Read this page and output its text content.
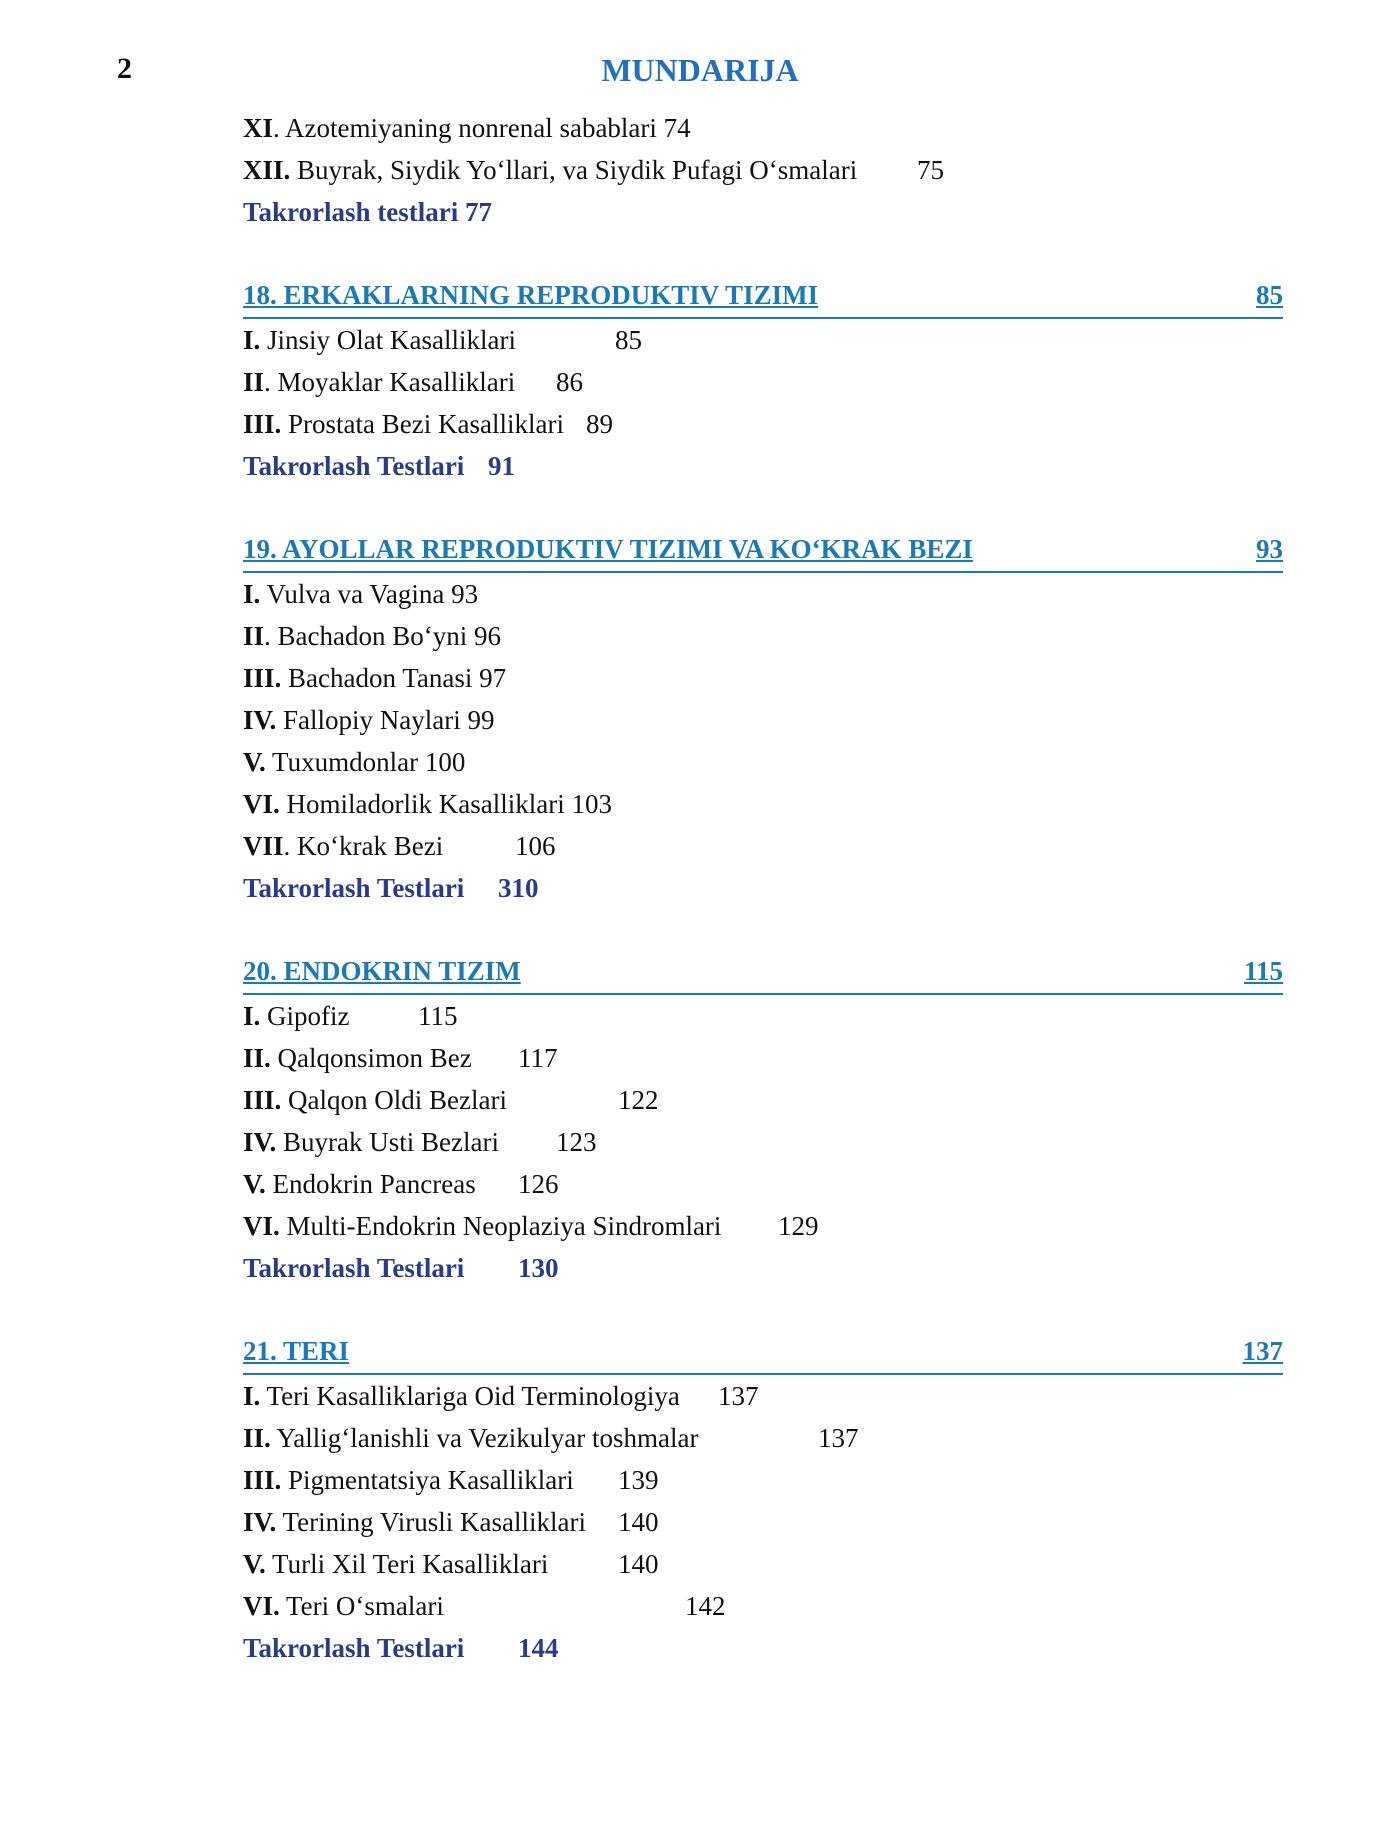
2	MUNDARIJA
XI. Azotemiyaning nonrenal sabablari 74
XII. Buyrak, Siydik Yo‘llari, va Siydik Pufagi O‘smalari 75
Takrorlash testlari 77
18. ERKAKLARNING REPRODUKTIV TIZIMI	85
I. Jinsiy Olat Kasalliklari	85
II. Moyaklar Kasalliklari 86
III. Prostata Bezi Kasalliklari 89
Takrorlash Testlari 91
19. AYOLLAR REPRODUKTIV TIZIMI VA KO‘KRAK BEZI	93
I. Vulva va Vagina 93
II. Bachadon Bo‘yni 96
III. Bachadon Tanasi 97
IV. Fallopiy Naylari 99
V. Tuxumdonlar 100
VI. Homiladorlik Kasalliklari 103
VII. Ko‘krak Bezi	106
Takrorlash Testlari 310
20. ENDOKRIN TIZIM	115
I. Gipofiz	115
II. Qalqonsimon Bez 117
III. Qalqon Oldi Bezlari	122
IV. Buyrak Usti Bezlari 123
V. Endokrin Pancreas 126
VI. Multi-Endokrin Neoplaziya Sindromlari 129
Takrorlash Testlari 130
21. TERI	137
I. Teri Kasalliklariga Oid Terminologiya 137
II. Yallig‘lanishli va Vezikulyar toshmalar	137
III. Pigmentatsiya Kasalliklari 139
IV. Terining Virusli Kasalliklari 140
V. Turli Xil Teri Kasalliklari	140
VI. Teri O‘smalari	142
Takrorlash Testlari 144
